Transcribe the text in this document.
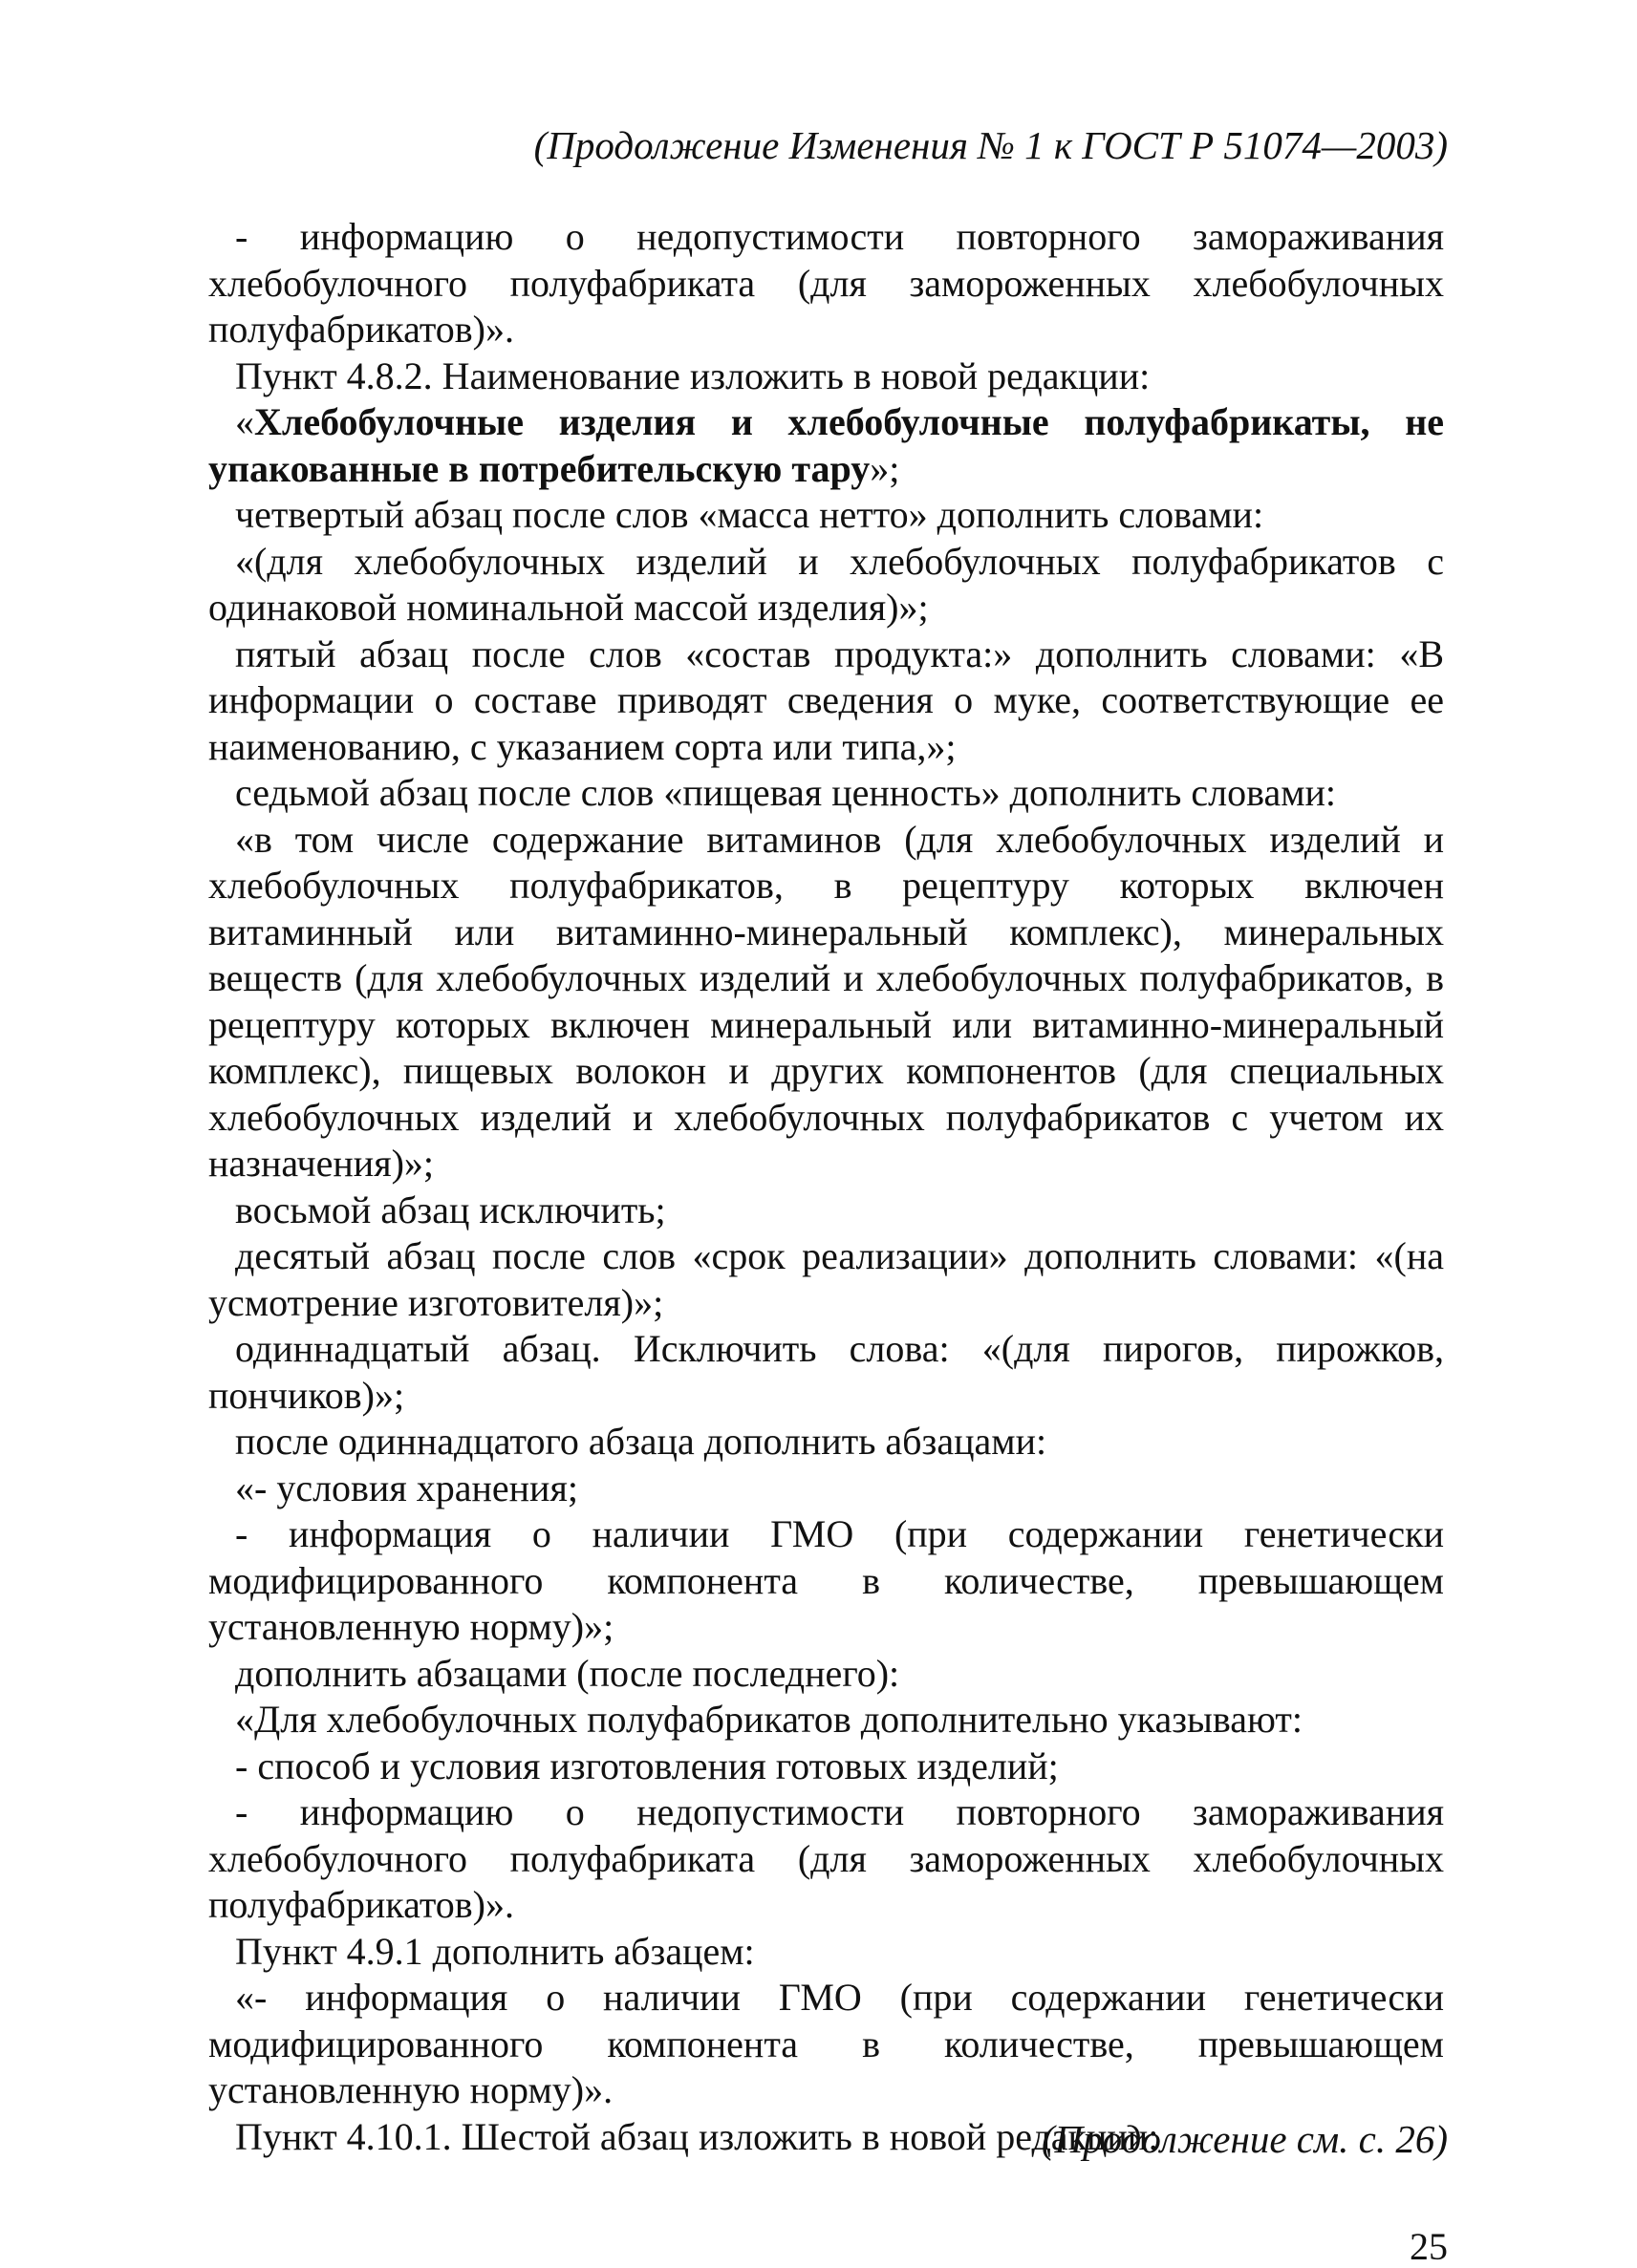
(Продолжение Изменения № 1 к ГОСТ Р 51074—2003)

- информацию о недопустимости повторного замораживания хлебобулочного полуфабриката (для замороженных хлебобулочных полуфабрикатов)».

Пункт 4.8.2. Наименование изложить в новой редакции:

«Хлебобулочные изделия и хлебобулочные полуфабрикаты, не упакованные в потребительскую тару»;

четвертый абзац после слов «масса нетто» дополнить словами:

«(для хлебобулочных изделий и хлебобулочных полуфабрикатов с одинаковой номинальной массой изделия)»;

пятый абзац после слов «состав продукта:» дополнить словами: «В информации о составе приводят сведения о муке, соответствующие ее наименованию, с указанием сорта или типа,»;

седьмой абзац после слов «пищевая ценность» дополнить словами:

«в том числе содержание витаминов (для хлебобулочных изделий и хлебобулочных полуфабрикатов, в рецептуру которых включен витаминный или витаминно-минеральный комплекс), минеральных веществ (для хлебобулочных изделий и хлебобулочных полуфабрикатов, в рецептуру которых включен минеральный или витаминно-минеральный комплекс), пищевых волокон и других компонентов (для специальных хлебобулочных изделий и хлебобулочных полуфабрикатов с учетом их назначения)»;

восьмой абзац исключить;

десятый абзац после слов «срок реализации» дополнить словами: «(на усмотрение изготовителя)»;

одиннадцатый абзац. Исключить слова: «(для пирогов, пирожков, пончиков)»;

после одиннадцатого абзаца дополнить абзацами:

«- условия хранения;

- информация о наличии ГМО (при содержании генетически модифицированного компонента в количестве, превышающем установленную норму)»;

дополнить абзацами (после последнего):

«Для хлебобулочных полуфабрикатов дополнительно указывают:

- способ и условия изготовления готовых изделий;

- информацию о недопустимости повторного замораживания хлебобулочного полуфабриката (для замороженных хлебобулочных полуфабрикатов)».

Пункт 4.9.1 дополнить абзацем:

«- информация о наличии ГМО (при содержании генетически модифицированного компонента в количестве, превышающем установленную норму)».

Пункт 4.10.1. Шестой абзац изложить в новой редакции:

(Продолжение см. с. 26)
25
